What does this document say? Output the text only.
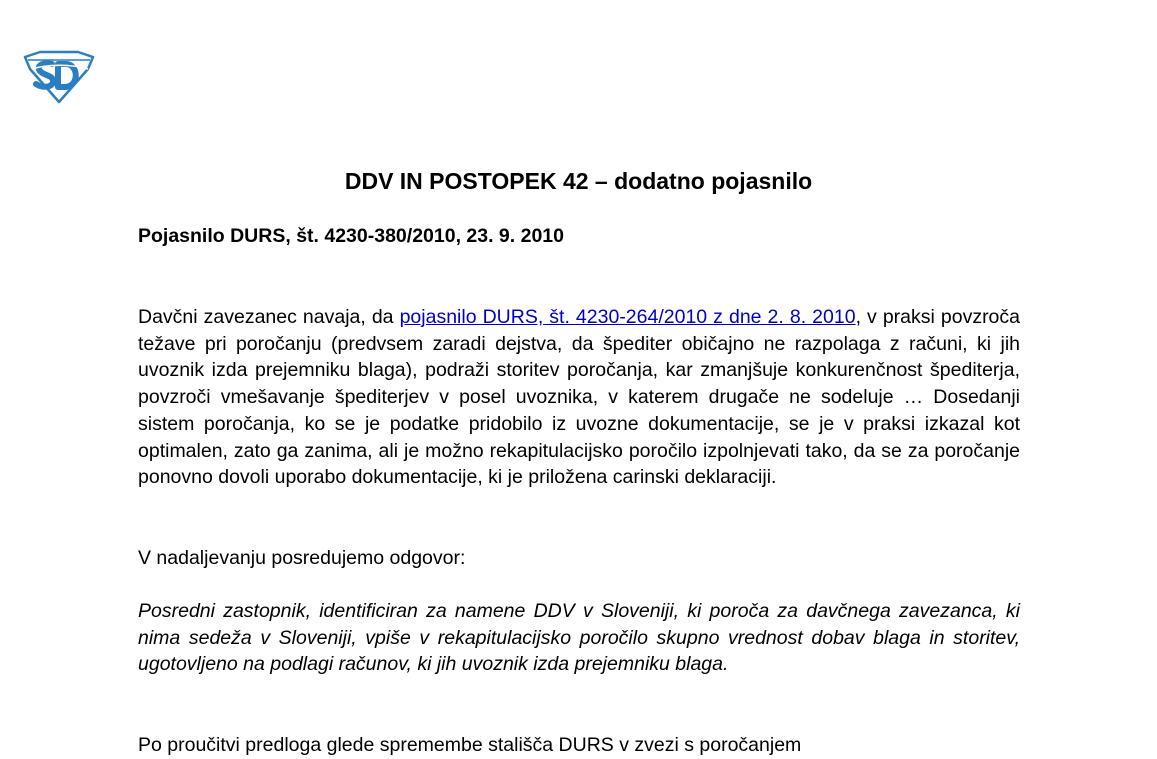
DDV IN POSTOPEK 42 – dodatno pojasnilo

Pojasnilo DURS, št. 4230-380/2010, 23. 9. 2010

Davčni zavezanec navaja, da pojasnilo DURS, št. 4230-264/2010 z dne 2. 8. 2010, v praksi povzroča težave pri poročanju (predvsem zaradi dejstva, da špediter običajno ne razpolaga z računi, ki jih uvoznik izda prejemniku blaga), podraži storitev poročanja, kar zmanjšuje konkurenčnost špediterja, povzroči vmešavanje špediterjev v posel uvoznika, v katerem drugače ne sodeluje … Dosedanji sistem poročanja, ko se je podatke pridobilo iz uvozne dokumentacije, se je v praksi izkazal kot optimalen, zato ga zanima, ali je možno rekapitulacijsko poročilo izpolnjevati tako, da se za poročanje ponovno dovoli uporabo dokumentacije, ki je priložena carinski deklaraciji.

V nadaljevanju posredujemo odgovor:

Posredni zastopnik, identificiran za namene DDV v Sloveniji, ki poroča za davčnega zavezanca, ki nima sedeža v Sloveniji, vpiše v rekapitulacijsko poročilo skupno vrednost dobav blaga in storitev, ugotovljeno na podlagi računov, ki jih uvoznik izda prejemniku blaga.

Po proučitvi predloga glede spremembe stališča DURS v zvezi s poročanjem
